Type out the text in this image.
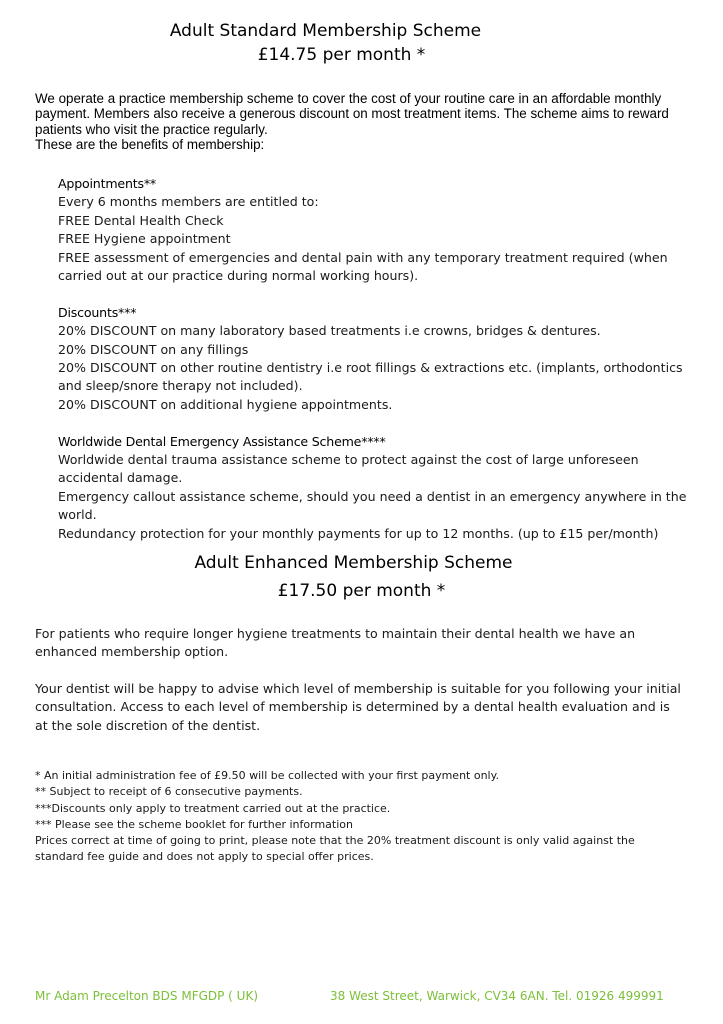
Adult Standard Membership Scheme
£14.75 per month *

We operate a practice membership scheme to cover the cost of your routine care in an affordable monthly payment. Members also receive a generous discount on most treatment items. The scheme aims to reward patients who visit the practice regularly.

These are the benefits of membership:

Appointments**
Every 6 months members are entitled to:
FREE Dental Health Check
FREE Hygiene appointment
FREE assessment of emergencies and dental pain with any temporary treatment required (when carried out at our practice during normal working hours).
Discounts***
20% DISCOUNT on many laboratory based treatments i.e crowns, bridges & dentures.
20% DISCOUNT on any fillings
20% DISCOUNT on other routine dentistry i.e root fillings & extractions etc. (implants, orthodontics and sleep/snore therapy not included).
20% DISCOUNT on additional hygiene appointments.
Worldwide Dental Emergency Assistance Scheme****
Worldwide dental trauma assistance scheme to protect against the cost of large unforeseen accidental damage.
Emergency callout assistance scheme, should you need a dentist in an emergency anywhere in the world.
Redundancy protection for your monthly payments for up to 12 months. (up to £15 per/month)
Adult Enhanced Membership Scheme
£17.50 per month *

For patients who require longer hygiene treatments to maintain their dental health we have an enhanced membership option.

Your dentist will be happy to advise which level of membership is suitable for you following your initial consultation. Access to each level of membership is determined by a dental health evaluation and is at the sole discretion of the dentist.

* An initial administration fee of £9.50 will be collected with your first payment only.

** Subject to receipt of 6 consecutive payments.

***Discounts only apply to treatment carried out at the practice.

*** Please see the scheme booklet for further information

Prices correct at time of going to print, please note that the 20% treatment discount is only valid against the standard fee guide and does not apply to special offer prices.

Mr Adam Precelton BDS MFGDP ( UK)	38 West Street, Warwick, CV34 6AN. Tel. 01926 499991
